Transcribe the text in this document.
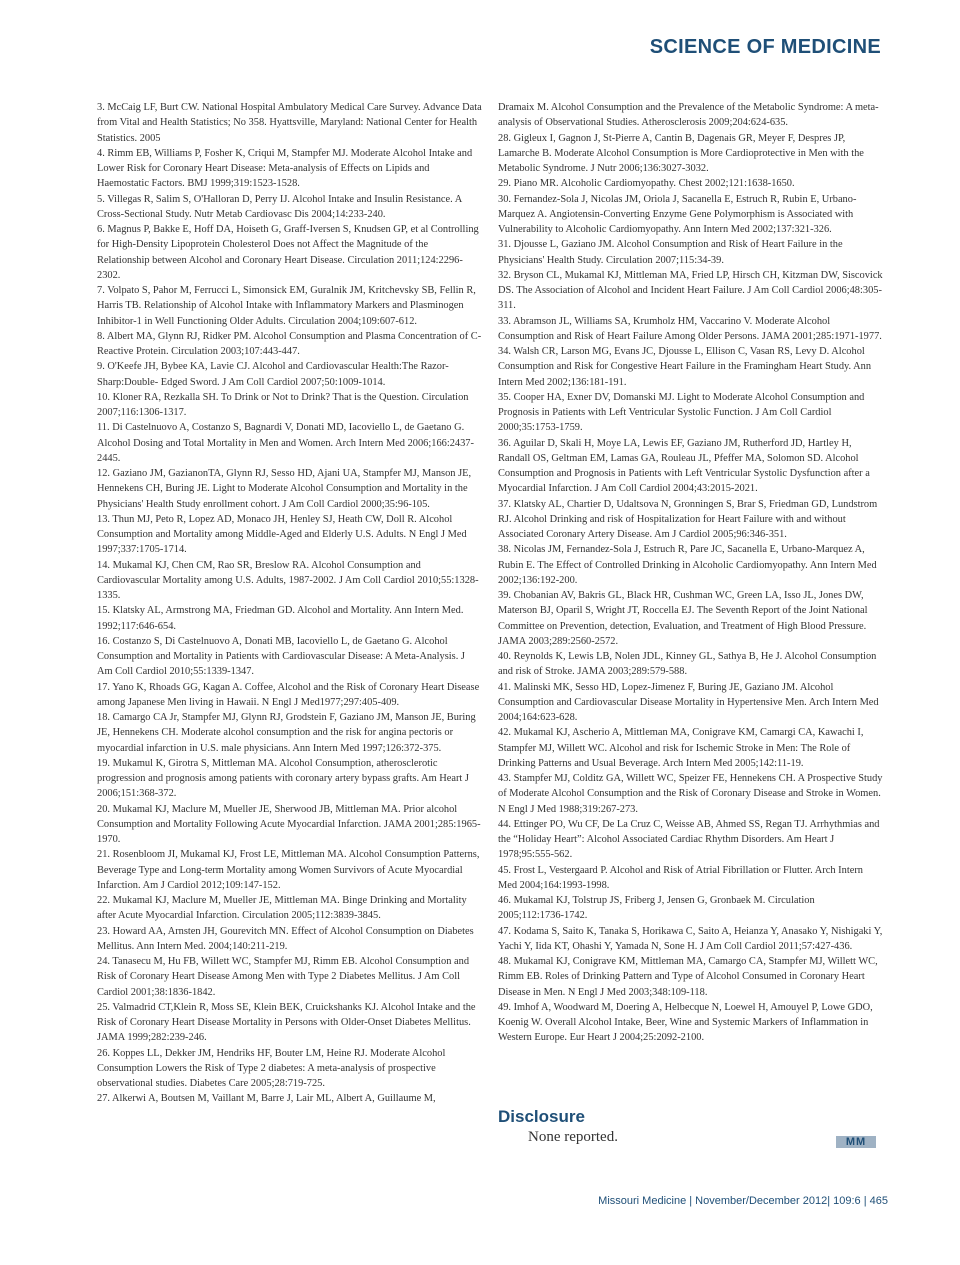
SCIENCE OF MEDICINE

3. McCaig LF, Burt CW. National Hospital Ambulatory Medical Care Survey. Advance Data from Vital and Health Statistics; No 358. Hyattsville, Maryland: National Center for Health Statistics. 2005

4. Rimm EB, Williams P, Fosher K, Criqui M, Stampfer MJ. Moderate Alcohol Intake and Lower Risk for Coronary Heart Disease: Meta-analysis of Effects on Lipids and Haemostatic Factors. BMJ 1999;319:1523-1528.

5. Villegas R, Salim S, O'Halloran D, Perry IJ. Alcohol Intake and Insulin Resistance. A Cross-Sectional Study. Nutr Metab Cardiovasc Dis 2004;14:233-240.

6. Magnus P, Bakke E, Hoff DA, Hoiseth G, Graff-Iversen S, Knudsen GP, et al Controlling for High-Density Lipoprotein Cholesterol Does not Affect the Magnitude of the Relationship between Alcohol and Coronary Heart Disease. Circulation 2011;124:2296-2302.

7. Volpato S, Pahor M, Ferrucci L, Simonsick EM, Guralnik JM, Kritchevsky SB, Fellin R, Harris TB. Relationship of Alcohol Intake with Inflammatory Markers and Plasminogen Inhibitor-1 in Well Functioning Older Adults. Circulation 2004;109:607-612.

8. Albert MA, Glynn RJ, Ridker PM. Alcohol Consumption and Plasma Concentration of C-Reactive Protein. Circulation 2003;107:443-447.

9. O'Keefe JH, Bybee KA, Lavie CJ. Alcohol and Cardiovascular Health:The Razor-Sharp:Double- Edged Sword. J Am Coll Cardiol 2007;50:1009-1014.

10. Kloner RA, Rezkalla SH. To Drink or Not to Drink? That is the Question. Circulation 2007;116:1306-1317.

11. Di Castelnuovo A, Costanzo S, Bagnardi V, Donati MD, Iacoviello L, de Gaetano G. Alcohol Dosing and Total Mortality in Men and Women. Arch Intern Med 2006;166:2437-2445.

12. Gaziano JM, GazianonTA, Glynn RJ, Sesso HD, Ajani UA, Stampfer MJ, Manson JE, Hennekens CH, Buring JE. Light to Moderate Alcohol Consumption and Mortality in the Physicians' Health Study enrollment cohort. J Am Coll Cardiol 2000;35:96-105.

13. Thun MJ, Peto R, Lopez AD, Monaco JH, Henley SJ, Heath CW, Doll R. Alcohol Consumption and Mortality among Middle-Aged and Elderly U.S. Adults. N Engl J Med 1997;337:1705-1714.

14. Mukamal KJ, Chen CM, Rao SR, Breslow RA. Alcohol Consumption and Cardiovascular Mortality among U.S. Adults, 1987-2002. J Am Coll Cardiol 2010;55:1328-1335.

15. Klatsky AL, Armstrong MA, Friedman GD. Alcohol and Mortality. Ann Intern Med. 1992;117:646-654.

16. Costanzo S, Di Castelnuovo A, Donati MB, Iacoviello L, de Gaetano G. Alcohol Consumption and Mortality in Patients with Cardiovascular Disease: A Meta-Analysis. J Am Coll Cardiol 2010;55:1339-1347.

17. Yano K, Rhoads GG, Kagan A. Coffee, Alcohol and the Risk of Coronary Heart Disease among Japanese Men living in Hawaii. N Engl J Med1977;297:405-409.

18. Camargo CA Jr, Stampfer MJ, Glynn RJ, Grodstein F, Gaziano JM, Manson JE, Buring JE, Hennekens CH. Moderate alcohol consumption and the risk for angina pectoris or myocardial infarction in U.S. male physicians. Ann Intern Med 1997;126:372-375.

19. Mukamul K, Girotra S, Mittleman MA. Alcohol Consumption, atherosclerotic progression and prognosis among patients with coronary artery bypass grafts. Am Heart J 2006;151:368-372.

20. Mukamal KJ, Maclure M, Mueller JE, Sherwood JB, Mittleman MA. Prior alcohol Consumption and Mortality Following Acute Myocardial Infarction. JAMA 2001;285:1965-1970.

21. Rosenbloom JI, Mukamal KJ, Frost LE, Mittleman MA. Alcohol Consumption Patterns, Beverage Type and Long-term Mortality among Women Survivors of Acute Myocardial Infarction. Am J Cardiol 2012;109:147-152.

22. Mukamal KJ, Maclure M, Mueller JE, Mittleman MA. Binge Drinking and Mortality after Acute Myocardial Infarction. Circulation 2005;112:3839-3845.

23. Howard AA, Arnsten JH, Gourevitch MN. Effect of Alcohol Consumption on Diabetes Mellitus. Ann Intern Med. 2004;140:211-219.

24. Tanasecu M, Hu FB, Willett WC, Stampfer MJ, Rimm EB. Alcohol Consumption and Risk of Coronary Heart Disease Among Men with Type 2 Diabetes Mellitus. J Am Coll Cardiol 2001;38:1836-1842.

25. Valmadrid CT,Klein R, Moss SE, Klein BEK, Cruickshanks KJ. Alcohol Intake and the Risk of Coronary Heart Disease Mortality in Persons with Older-Onset Diabetes Mellitus. JAMA 1999;282:239-246.

26. Koppes LL, Dekker JM, Hendriks HF, Bouter LM, Heine RJ. Moderate Alcohol Consumption Lowers the Risk of Type 2 diabetes: A meta-analysis of prospective observational studies. Diabetes Care 2005;28:719-725.

27. Alkerwi A, Boutsen M, Vaillant M, Barre J, Lair ML, Albert A, Guillaume M,

Dramaix M. Alcohol Consumption and the Prevalence of the Metabolic Syndrome: A meta-analysis of Observational Studies. Atherosclerosis 2009;204:624-635.

28. Gigleux I, Gagnon J, St-Pierre A, Cantin B, Dagenais GR, Meyer F, Despres JP, Lamarche B. Moderate Alcohol Consumption is More Cardioprotective in Men with the Metabolic Syndrome. J Nutr 2006;136:3027-3032.

29. Piano MR. Alcoholic Cardiomyopathy. Chest 2002;121:1638-1650.

30. Fernandez-Sola J, Nicolas JM, Oriola J, Sacanella E, Estruch R, Rubin E, Urbano-Marquez A. Angiotensin-Converting Enzyme Gene Polymorphism is Associated with Vulnerability to Alcoholic Cardiomyopathy. Ann Intern Med 2002;137:321-326.

31. Djousse L, Gaziano JM. Alcohol Consumption and Risk of Heart Failure in the Physicians' Health Study. Circulation 2007;115:34-39.

32. Bryson CL, Mukamal KJ, Mittleman MA, Fried LP, Hirsch CH, Kitzman DW, Siscovick DS. The Association of Alcohol and Incident Heart Failure. J Am Coll Cardiol 2006;48:305-311.

33. Abramson JL, Williams SA, Krumholz HM, Vaccarino V. Moderate Alcohol Consumption and Risk of Heart Failure Among Older Persons. JAMA 2001;285:1971-1977.

34. Walsh CR, Larson MG, Evans JC, Djousse L, Ellison C, Vasan RS, Levy D. Alcohol Consumption and Risk for Congestive Heart Failure in the Framingham Heart Study. Ann Intern Med 2002;136:181-191.

35. Cooper HA, Exner DV, Domanski MJ. Light to Moderate Alcohol Consumption and Prognosis in Patients with Left Ventricular Systolic Function. J Am Coll Cardiol 2000;35:1753-1759.

36. Aguilar D, Skali H, Moye LA, Lewis EF, Gaziano JM, Rutherford JD, Hartley H, Randall OS, Geltman EM, Lamas GA, Rouleau JL, Pfeffer MA, Solomon SD. Alcohol Consumption and Prognosis in Patients with Left Ventricular Systolic Dysfunction after a Myocardial Infarction. J Am Coll Cardiol 2004;43:2015-2021.

37. Klatsky AL, Chartier D, Udaltsova N, Gronningen S, Brar S, Friedman GD, Lundstrom RJ. Alcohol Drinking and risk of Hospitalization for Heart Failure with and without Associated Coronary Artery Disease. Am J Cardiol 2005;96:346-351.

38. Nicolas JM, Fernandez-Sola J, Estruch R, Pare JC, Sacanella E, Urbano-Marquez A, Rubin E. The Effect of Controlled Drinking in Alcoholic Cardiomyopathy. Ann Intern Med 2002;136:192-200.

39. Chobanian AV, Bakris GL, Black HR, Cushman WC, Green LA, Isso JL, Jones DW, Materson BJ, Oparil S, Wright JT, Roccella EJ. The Seventh Report of the Joint National Committee on Prevention, detection, Evaluation, and Treatment of High Blood Pressure. JAMA 2003;289:2560-2572.

40. Reynolds K, Lewis LB, Nolen JDL, Kinney GL, Sathya B, He J. Alcohol Consumption and risk of Stroke. JAMA 2003;289:579-588.

41. Malinski MK, Sesso HD, Lopez-Jimenez F, Buring JE, Gaziano JM. Alcohol Consumption and Cardiovascular Disease Mortality in Hypertensive Men. Arch Intern Med 2004;164:623-628.

42. Mukamal KJ, Ascherio A, Mittleman MA, Conigrave KM, Camargi CA, Kawachi I, Stampfer MJ, Willett WC. Alcohol and risk for Ischemic Stroke in Men: The Role of Drinking Patterns and Usual Beverage. Arch Intern Med 2005;142:11-19.

43. Stampfer MJ, Colditz GA, Willett WC, Speizer FE, Hennekens CH. A Prospective Study of Moderate Alcohol Consumption and the Risk of Coronary Disease and Stroke in Women. N Engl J Med 1988;319:267-273.

44. Ettinger PO, Wu CF, De La Cruz C, Weisse AB, Ahmed SS, Regan TJ. Arrhythmias and the “Holiday Heart”: Alcohol Associated Cardiac Rhythm Disorders. Am Heart J 1978;95:555-562.

45. Frost L, Vestergaard P. Alcohol and Risk of Atrial Fibrillation or Flutter. Arch Intern Med 2004;164:1993-1998.

46. Mukamal KJ, Tolstrup JS, Friberg J, Jensen G, Gronbaek M. Circulation 2005;112:1736-1742.

47. Kodama S, Saito K, Tanaka S, Horikawa C, Saito A, Heianza Y, Anasako Y, Nishigaki Y, Yachi Y, Iida KT, Ohashi Y, Yamada N, Sone H. J Am Coll Cardiol 2011;57:427-436.

48. Mukamal KJ, Conigrave KM, Mittleman MA, Camargo CA, Stampfer MJ, Willett WC, Rimm EB. Roles of Drinking Pattern and Type of Alcohol Consumed in Coronary Heart Disease in Men. N Engl J Med 2003;348:109-118.

49. Imhof A, Woodward M, Doering A, Helbecque N, Loewel H, Amouyel P, Lowe GDO, Koenig W. Overall Alcohol Intake, Beer, Wine and Systemic Markers of Inflammation in Western Europe. Eur Heart J 2004;25:2092-2100.

Disclosure
None reported.	MM
Missouri Medicine | November/December 2012| 109:6 | 465
